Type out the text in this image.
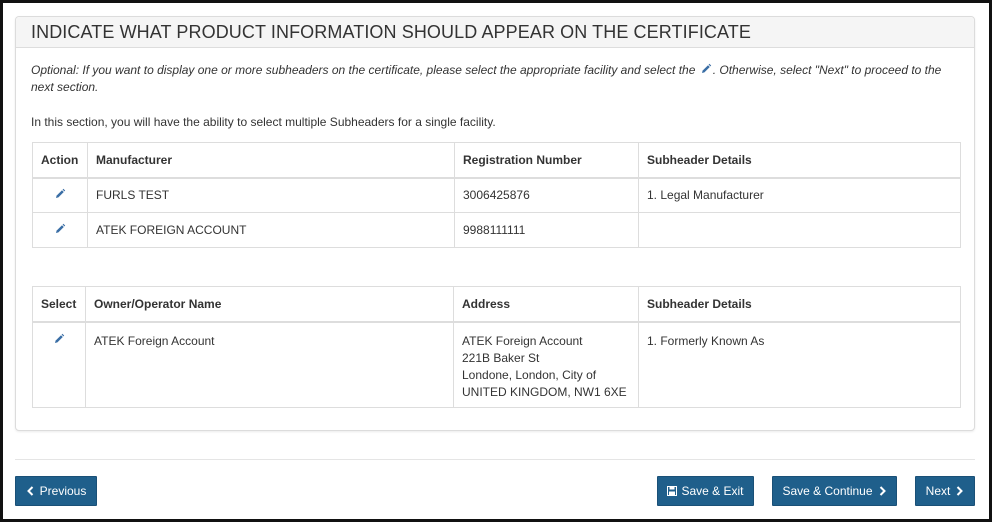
INDICATE WHAT PRODUCT INFORMATION SHOULD APPEAR ON THE CERTIFICATE
Optional: If you want to display one or more subheaders on the certificate, please select the appropriate facility and select the . Otherwise, select "Next" to proceed to the next section.
In this section, you will have the ability to select multiple Subheaders for a single facility.
Action	Manufacturer	Registration Number	Subheader Details

	FURLS TEST	3006425876	1. Legal Manufacturer

	ATEK FOREIGN ACCOUNT	9988111111	
Select	Owner/Operator Name	Address	Subheader Details

	ATEK Foreign Account	ATEK Foreign Account
221B Baker St
Londone, London, City of
UNITED KINGDOM, NW1 6XE	1. Formerly Known As
Previous	Save & Exit	Save & Continue	Next
